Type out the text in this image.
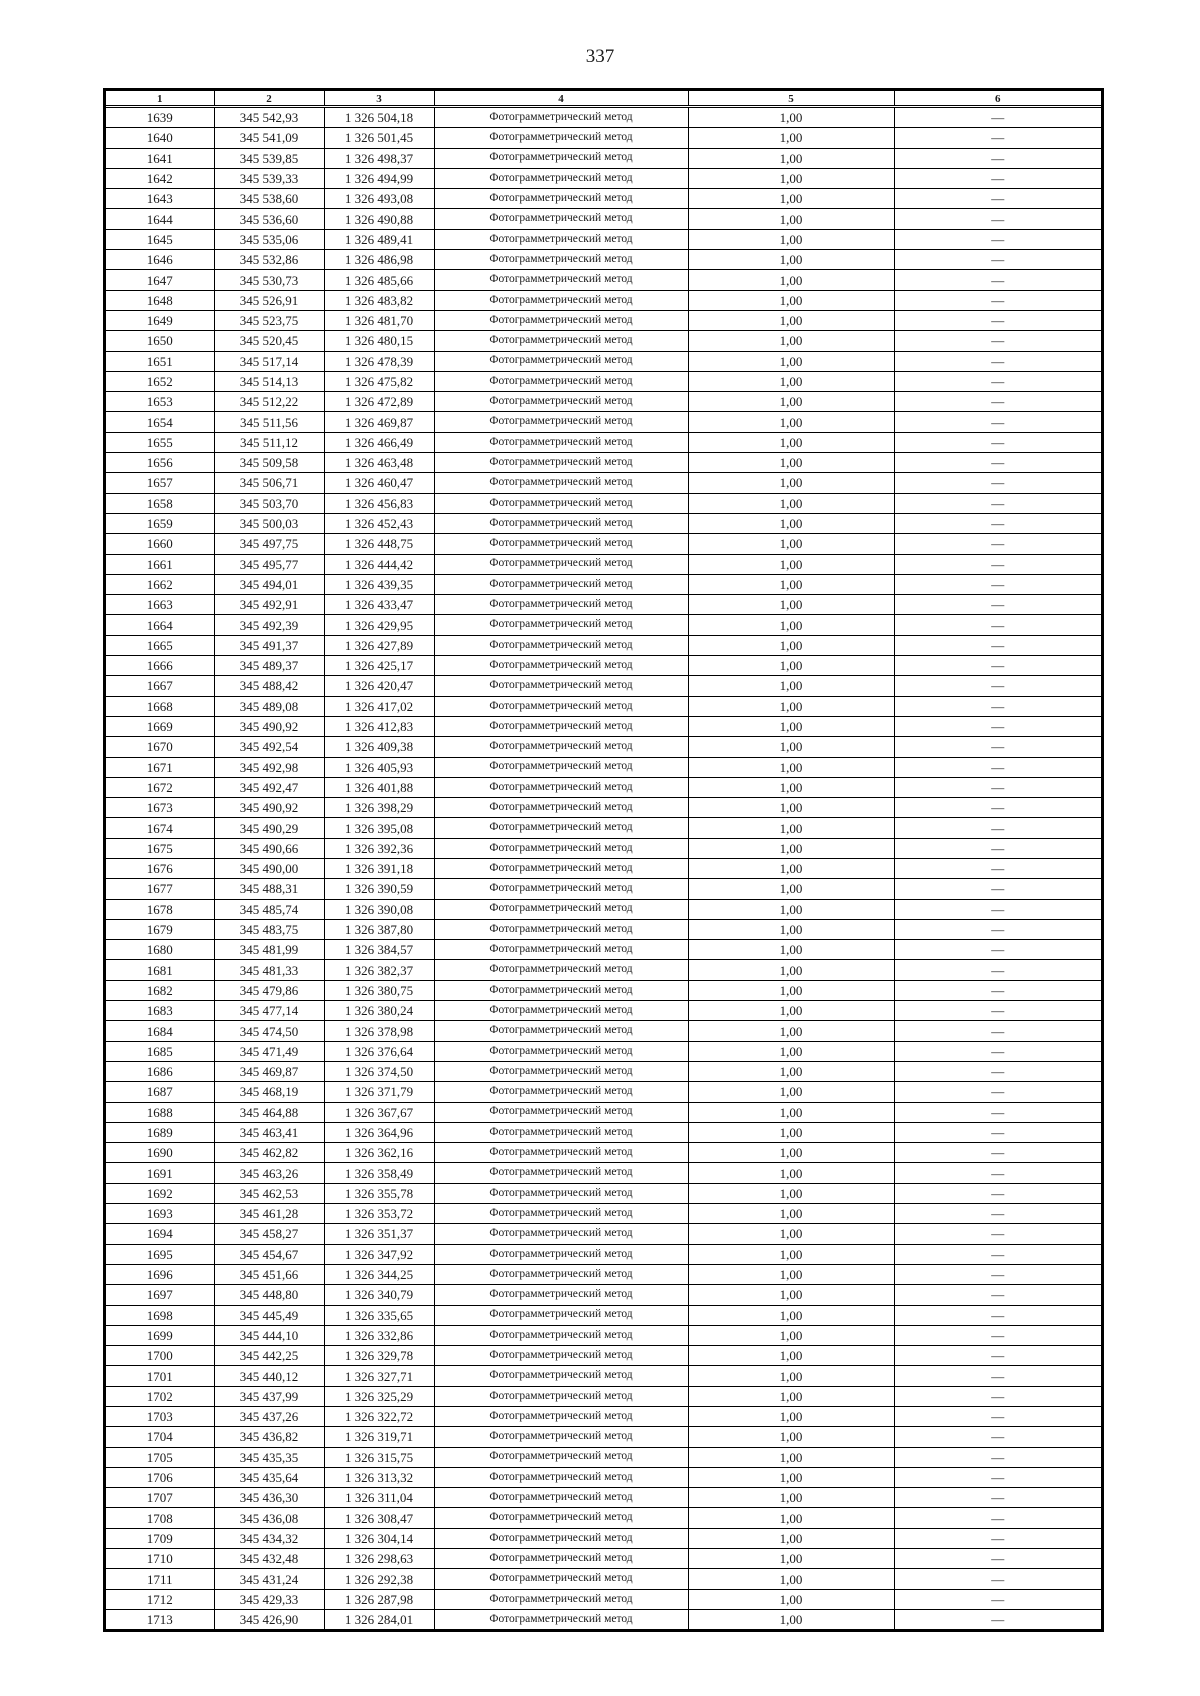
337
1	2	3	4	5	6
1639	345 542,93	1 326 504,18	Фотограмметрический метод	1,00	—
1640	345 541,09	1 326 501,45	Фотограмметрический метод	1,00	—
1641	345 539,85	1 326 498,37	Фотограмметрический метод	1,00	—
1642	345 539,33	1 326 494,99	Фотограмметрический метод	1,00	—
1643	345 538,60	1 326 493,08	Фотограмметрический метод	1,00	—
1644	345 536,60	1 326 490,88	Фотограмметрический метод	1,00	—
1645	345 535,06	1 326 489,41	Фотограмметрический метод	1,00	—
1646	345 532,86	1 326 486,98	Фотограмметрический метод	1,00	—
1647	345 530,73	1 326 485,66	Фотограмметрический метод	1,00	—
1648	345 526,91	1 326 483,82	Фотограмметрический метод	1,00	—
1649	345 523,75	1 326 481,70	Фотограмметрический метод	1,00	—
1650	345 520,45	1 326 480,15	Фотограмметрический метод	1,00	—
1651	345 517,14	1 326 478,39	Фотограмметрический метод	1,00	—
1652	345 514,13	1 326 475,82	Фотограмметрический метод	1,00	—
1653	345 512,22	1 326 472,89	Фотограмметрический метод	1,00	—
1654	345 511,56	1 326 469,87	Фотограмметрический метод	1,00	—
1655	345 511,12	1 326 466,49	Фотограмметрический метод	1,00	—
1656	345 509,58	1 326 463,48	Фотограмметрический метод	1,00	—
1657	345 506,71	1 326 460,47	Фотограмметрический метод	1,00	—
1658	345 503,70	1 326 456,83	Фотограмметрический метод	1,00	—
1659	345 500,03	1 326 452,43	Фотограмметрический метод	1,00	—
1660	345 497,75	1 326 448,75	Фотограмметрический метод	1,00	—
1661	345 495,77	1 326 444,42	Фотограмметрический метод	1,00	—
1662	345 494,01	1 326 439,35	Фотограмметрический метод	1,00	—
1663	345 492,91	1 326 433,47	Фотограмметрический метод	1,00	—
1664	345 492,39	1 326 429,95	Фотограмметрический метод	1,00	—
1665	345 491,37	1 326 427,89	Фотограмметрический метод	1,00	—
1666	345 489,37	1 326 425,17	Фотограмметрический метод	1,00	—
1667	345 488,42	1 326 420,47	Фотограмметрический метод	1,00	—
1668	345 489,08	1 326 417,02	Фотограмметрический метод	1,00	—
1669	345 490,92	1 326 412,83	Фотограмметрический метод	1,00	—
1670	345 492,54	1 326 409,38	Фотограмметрический метод	1,00	—
1671	345 492,98	1 326 405,93	Фотограмметрический метод	1,00	—
1672	345 492,47	1 326 401,88	Фотограмметрический метод	1,00	—
1673	345 490,92	1 326 398,29	Фотограмметрический метод	1,00	—
1674	345 490,29	1 326 395,08	Фотограмметрический метод	1,00	—
1675	345 490,66	1 326 392,36	Фотограмметрический метод	1,00	—
1676	345 490,00	1 326 391,18	Фотограмметрический метод	1,00	—
1677	345 488,31	1 326 390,59	Фотограмметрический метод	1,00	—
1678	345 485,74	1 326 390,08	Фотограмметрический метод	1,00	—
1679	345 483,75	1 326 387,80	Фотограмметрический метод	1,00	—
1680	345 481,99	1 326 384,57	Фотограмметрический метод	1,00	—
1681	345 481,33	1 326 382,37	Фотограмметрический метод	1,00	—
1682	345 479,86	1 326 380,75	Фотограмметрический метод	1,00	—
1683	345 477,14	1 326 380,24	Фотограмметрический метод	1,00	—
1684	345 474,50	1 326 378,98	Фотограмметрический метод	1,00	—
1685	345 471,49	1 326 376,64	Фотограмметрический метод	1,00	—
1686	345 469,87	1 326 374,50	Фотограмметрический метод	1,00	—
1687	345 468,19	1 326 371,79	Фотограмметрический метод	1,00	—
1688	345 464,88	1 326 367,67	Фотограмметрический метод	1,00	—
1689	345 463,41	1 326 364,96	Фотограмметрический метод	1,00	—
1690	345 462,82	1 326 362,16	Фотограмметрический метод	1,00	—
1691	345 463,26	1 326 358,49	Фотограмметрический метод	1,00	—
1692	345 462,53	1 326 355,78	Фотограмметрический метод	1,00	—
1693	345 461,28	1 326 353,72	Фотограмметрический метод	1,00	—
1694	345 458,27	1 326 351,37	Фотограмметрический метод	1,00	—
1695	345 454,67	1 326 347,92	Фотограмметрический метод	1,00	—
1696	345 451,66	1 326 344,25	Фотограмметрический метод	1,00	—
1697	345 448,80	1 326 340,79	Фотограмметрический метод	1,00	—
1698	345 445,49	1 326 335,65	Фотограмметрический метод	1,00	—
1699	345 444,10	1 326 332,86	Фотограмметрический метод	1,00	—
1700	345 442,25	1 326 329,78	Фотограмметрический метод	1,00	—
1701	345 440,12	1 326 327,71	Фотограмметрический метод	1,00	—
1702	345 437,99	1 326 325,29	Фотограмметрический метод	1,00	—
1703	345 437,26	1 326 322,72	Фотограмметрический метод	1,00	—
1704	345 436,82	1 326 319,71	Фотограмметрический метод	1,00	—
1705	345 435,35	1 326 315,75	Фотограмметрический метод	1,00	—
1706	345 435,64	1 326 313,32	Фотограмметрический метод	1,00	—
1707	345 436,30	1 326 311,04	Фотограмметрический метод	1,00	—
1708	345 436,08	1 326 308,47	Фотограмметрический метод	1,00	—
1709	345 434,32	1 326 304,14	Фотограмметрический метод	1,00	—
1710	345 432,48	1 326 298,63	Фотограмметрический метод	1,00	—
1711	345 431,24	1 326 292,38	Фотограмметрический метод	1,00	—
1712	345 429,33	1 326 287,98	Фотограмметрический метод	1,00	—
1713	345 426,90	1 326 284,01	Фотограмметрический метод	1,00	—
